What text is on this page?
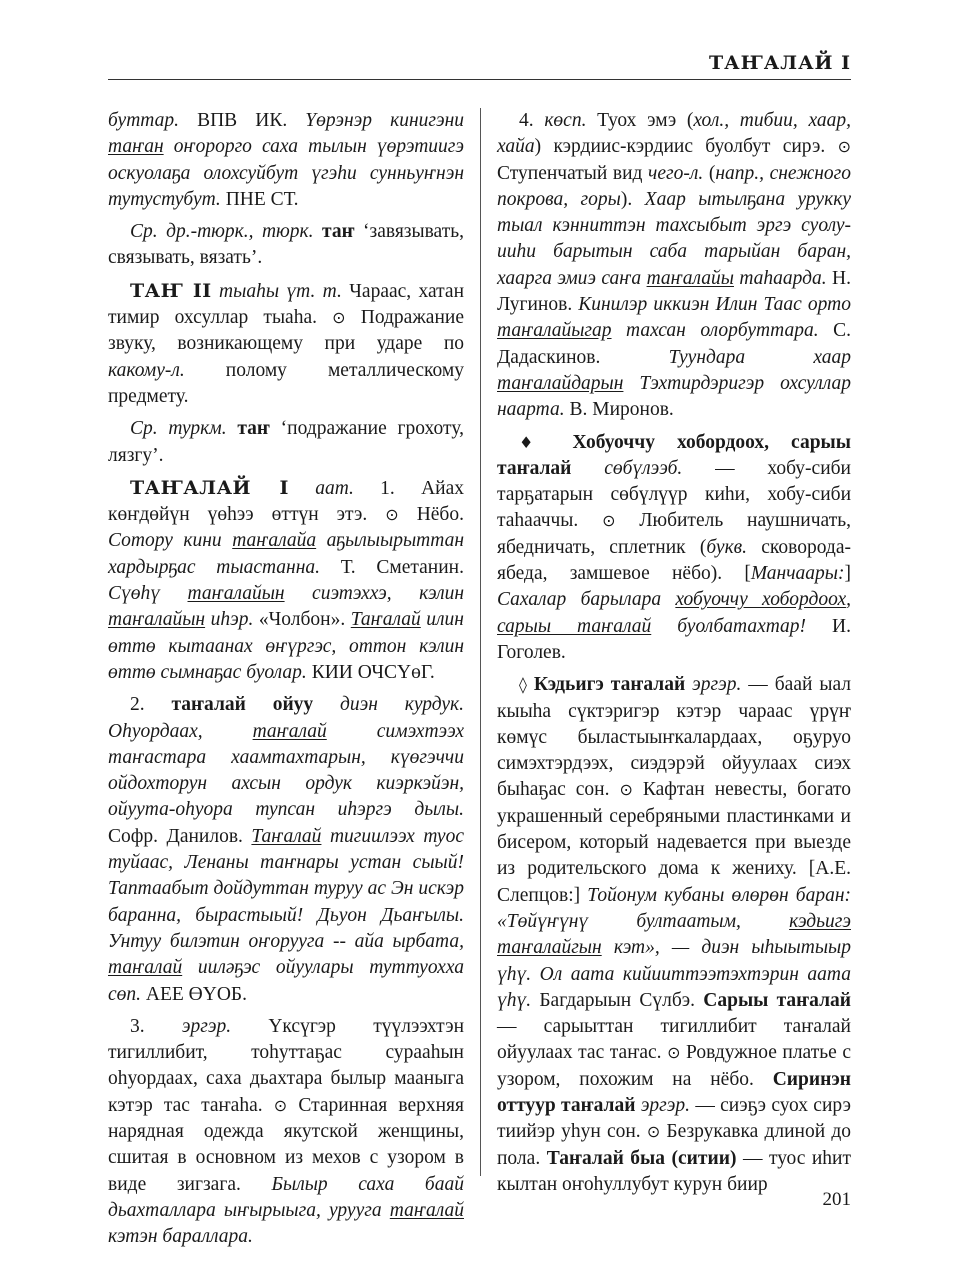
ТАҤАЛАЙ I

буттар. ВПВ ИК. Үөрэнэр кинигэни таҥан оҥорорго саха тылын үөрэтиигэ оскуолаҕа олохсуйбут үгэһи сунньуҥнэн тутустубут. ПНЕ СТ.

Ср. др.-тюрк., тюрк. таҥ ‘завязывать, связывать, вязать’.

ТАҤ II тыаһы үт. т. Чараас, хатан тимир охсуллар тыаһа. ⊙ Подражание звуку, возникающему при ударе по какому-л. полому металлическому предмету.

Ср. туркм. таҥ ‘подражание грохоту, лязгу’.

ТАҤАЛАЙ I аат. 1. Айах көҥдөйүн үөһээ өттүн этэ. ⊙ Нёбо. Сотору кини таҥалайа аҕылыырыттан хардырҕас тыастанна. Т. Сметанин. Сүөһү таҥалайын сиэтэххэ, кэлин таҥалайын иһэр. «Чолбон». Таҥалай илин өттө кытаанах өҥүргэс, оттон кэлин өттө сымнаҕас буолар. КИИ ОЧСҮөГ.

2. таҥалай ойуу диэн курдук. Оһуордаах, таҥалай симэхтээх таҥастара хаамтахтарын, күөгэччи ойдохторун ахсын ордук киэркэйэн, ойуута-оһуора тупсан иһэргэ дылы. Софр. Данилов. Таҥалай тигиилээх туос туйаас, Ленаны таҥнары устан сыый! Таптаабыт дойдуттан туруу ас Эн искэр баранна, бырастыый! Дьуон Дьаҥылы. Унтуу билэтин оҥоруугa -- айа ырбата, таҥалай ииләҕэс ойуулары туттуохха сөп. АЕЕ ӨҮОБ.

3. эргэр. Үксүгэр түүлээхтэн тигиллибит, тоһуттаҕас сурааһын оһуордаах, саха дьахтара былыр мааныга кэтэр тас таҥаһа. ⊙ Старинная верхняя нарядная одежда якутской женщины, сшитая в основном из мехов с узором в виде зигзага. Былыр саха баай дьахталлара ыҥырыыга, урууга таҥалай кэтэн бараллара.

4. көсп. Туох эмэ (хол., тибии, хаар, хайа) кэрдиис-кэрдиис буолбут сирэ. ⊙ Ступенчатый вид чего-л. (напр., снежного покрова, горы). Хаар ытылҕана урукку тыал кэнниттэн тахсыбыт эргэ суолу-ииһи барытын саба тарыйан баран, хаарга эмиэ саҥа таҥалайы таһаарда. Н. Лугинов. Кинилэр иккиэн Илин Таас орто таҥалайыгар тахсан олорбуттара. С. Дадаскинов. Туундара хаар таҥалайдарын Тэхтирдэригэр охсуллар наарта. В. Миронов.

♦ Хобуоччу хобордоох, сарыы таҥалай сөбүлээб. — хобу-сиби тарҕатарын сөбүлүүр киһи, хобу-сиби таһааччы. ⊙ Любитель наушничать, ябедничать, сплетник (букв. сковорода-ябеда, замшевое нёбо). [Манчаары:] Сахалар барылара хобуоччу хобордоох, сарыы таҥалай буолбатахтар! И. Гоголев.

◊ Кэдьигэ таҥалай эргэр. — баай ыал кыыһа сүктэригэр кэтэр чараас үрүҥ көмүс быластыыҥкалардаах, оҕуруо симэхтэрдээх, сиэдэрэй ойуулаах сиэх быһаҕас сон. ⊙ Кафтан невесты, богато украшенный серебряными пластинками и бисером, который надевается при выезде из родительского дома к жениху. [А.Е. Слепцов:] Тойонум кубаны өлөрөн баран: «Төйүҥүнү бултаатым, кэдьигэ таҥалайгын кэт», — диэн ыһыытыыр үһү. Ол аата кийииттээтэхтэрин аата үһү. Багдарыын Сүлбэ. Сарыы таҥалай — сарыыттан тигиллибит таҥалай ойуулаах тас таҥас. ⊙ Ровдужное платье с узором, похожим на нёбо. Сиринэн оттуур таҥалай эргэр. — сиэҕэ суох сирэ тиийэр уһун сон. ⊙ Безрукавка длиной до пола. Таҥалай быа (ситии) — туос иһит кылтан оҥоһуллубут курун биир

201
